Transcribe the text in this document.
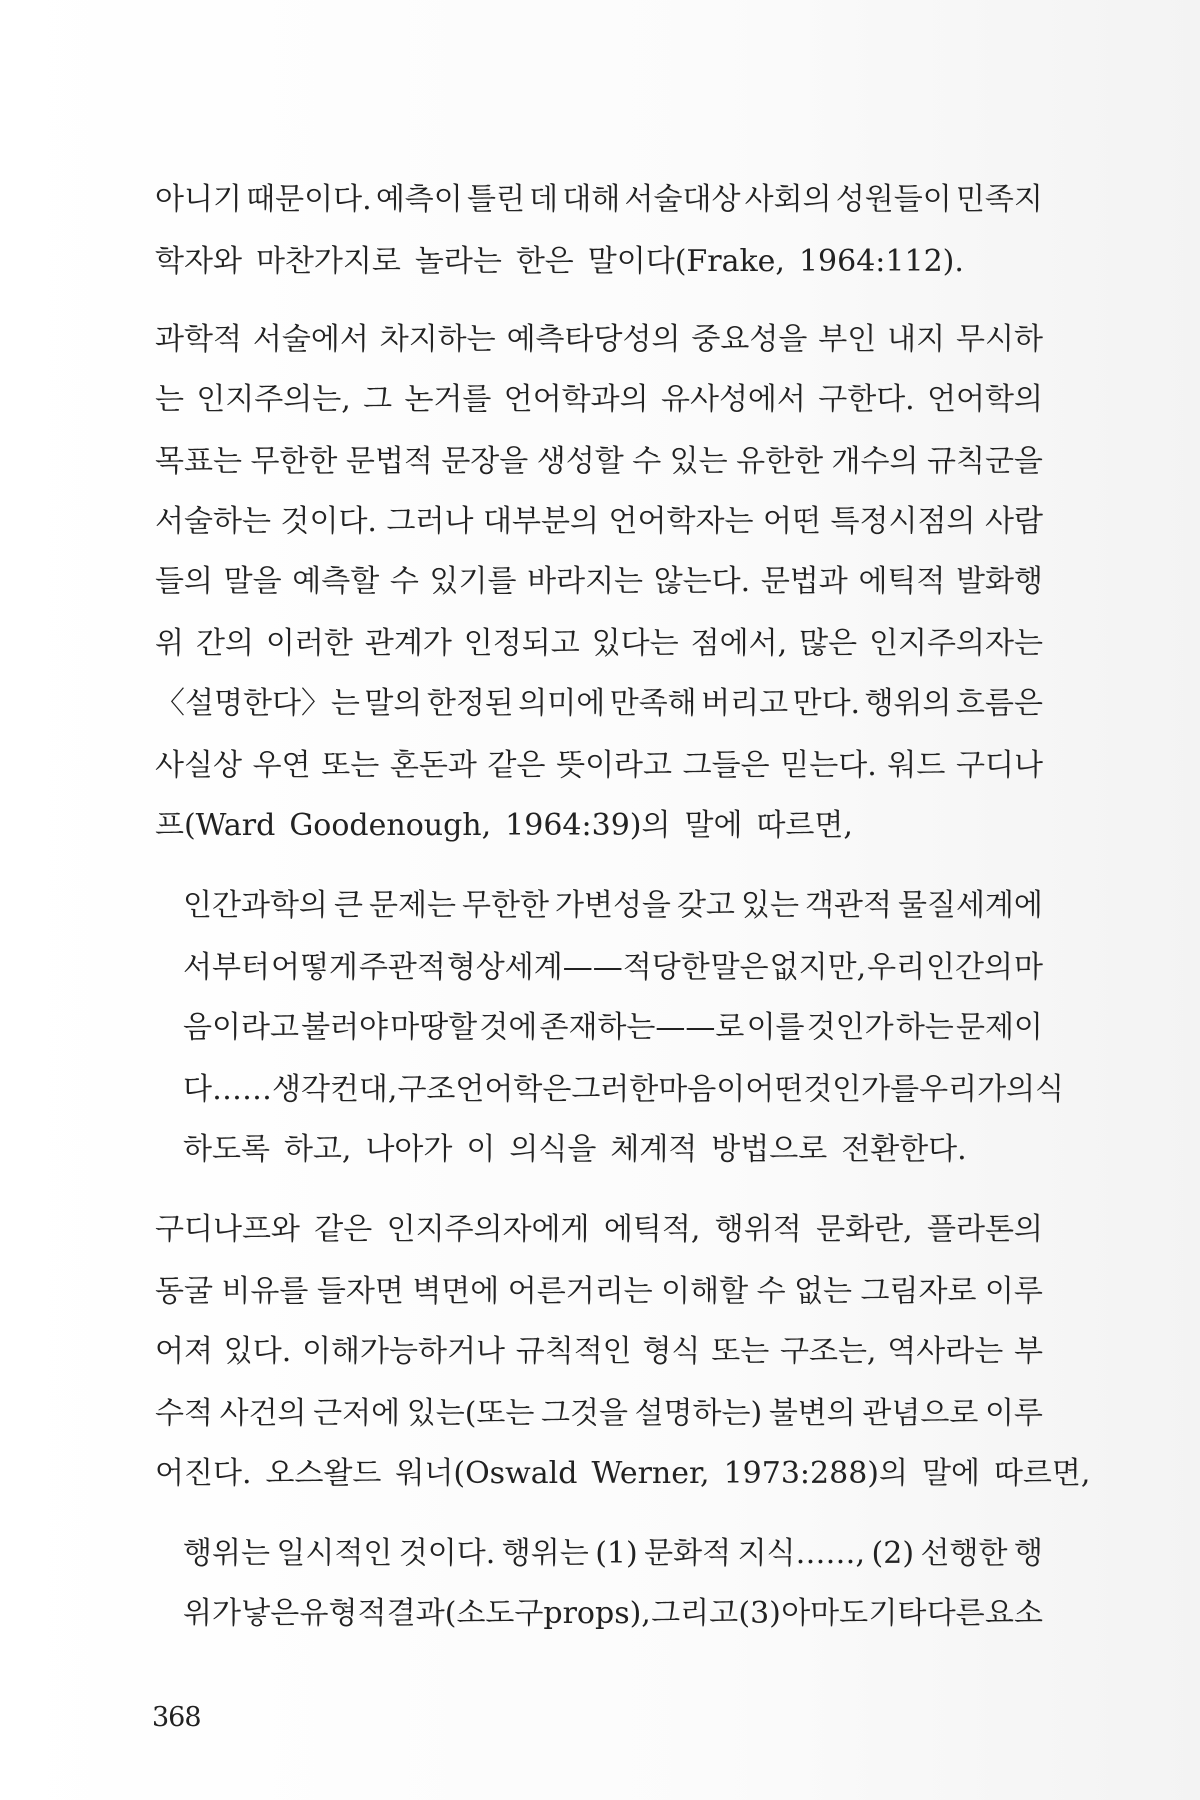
아니기 때문이다. 예측이 틀린 데 대해 서술대상 사회의 성원들이 민족지
학자와 마찬가지로 놀라는 한은 말이다(Frake, 1964:112).
과학적 서술에서 차지하는 예측타당성의 중요성을 부인 내지 무시하
는 인지주의는, 그 논거를 언어학과의 유사성에서 구한다. 언어학의
목표는 무한한 문법적 문장을 생성할 수 있는 유한한 개수의 규칙군을
서술하는 것이다. 그러나 대부분의 언어학자는 어떤 특정시점의 사람
들의 말을 예측할 수 있기를 바라지는 않는다. 문법과 에틱적 발화행
위 간의 이러한 관계가 인정되고 있다는 점에서, 많은 인지주의자는
〈설명한다〉는 말의 한정된 의미에 만족해 버리고 만다. 행위의 흐름은
사실상 우연 또는 혼돈과 같은 뜻이라고 그들은 믿는다. 워드 구디나
프(Ward Goodenough, 1964:39)의 말에 따르면,
인간과학의 큰 문제는 무한한 가변성을 갖고 있는 객관적 물질세계에
서부터 어떻게 주관적 형상세계——적당한 말은 없지만, 우리 인간의 마
음이라고 불러야 마땅할 것에 존재하는——로 이를 것인가 하는 문제이
다……생각컨대, 구조언어학은 그러한 마음이 어떤 것인가를 우리가 의식
하도록 하고, 나아가 이 의식을 체계적 방법으로 전환한다.
구디나프와 같은 인지주의자에게 에틱적, 행위적 문화란, 플라톤의
동굴 비유를 들자면 벽면에 어른거리는 이해할 수 없는 그림자로 이루
어져 있다. 이해가능하거나 규칙적인 형식 또는 구조는, 역사라는 부
수적 사건의 근저에 있는(또는 그것을 설명하는) 불변의 관념으로 이루
어진다. 오스왈드 워너(Oswald Werner, 1973:288)의 말에 따르면,
행위는 일시적인 것이다. 행위는 (1) 문화적 지식……, (2) 선행한 행
위가 낳은 유형적 결과(소도구props), 그리고 (3) 아마도 기타 다른 요소
368
